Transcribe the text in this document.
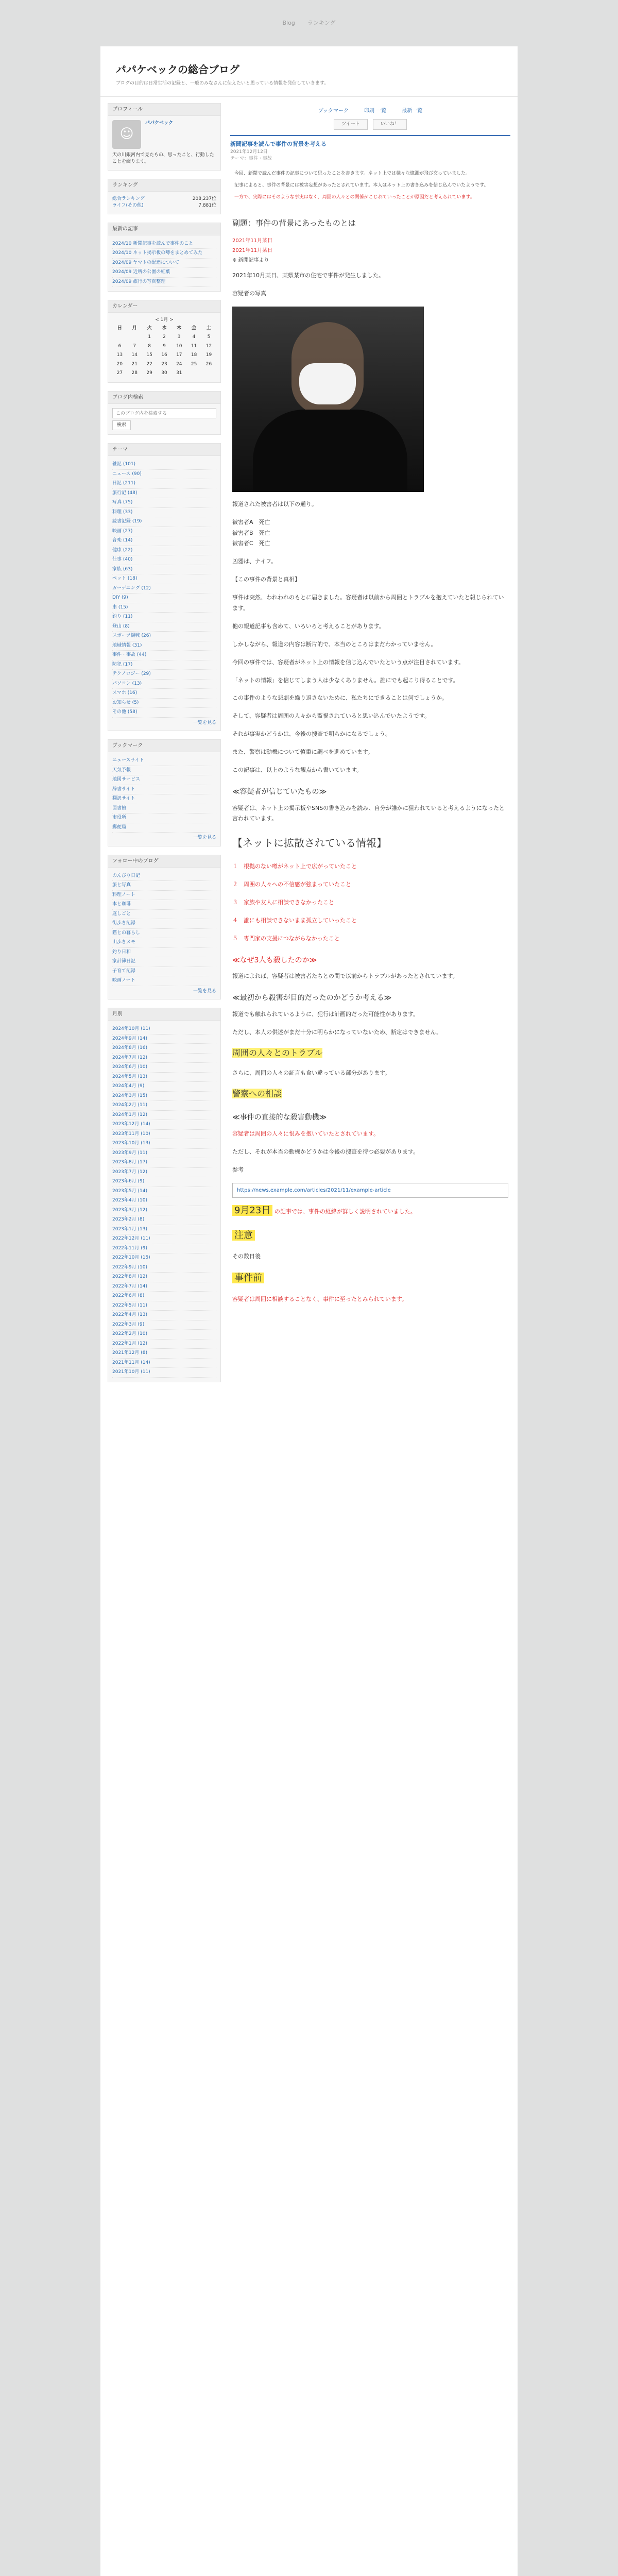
Blog ランキング
パパケベックの総合ブログ

ブログの目的は日常生活の記録と、一般のみなさんに伝えたいと思っている情報を発信していきます。

プロフィール
☺
パパケベック

天の川銀河内で見たもの、思ったこと、行動したことを綴ります。

ランキング
総合ランキング	208,237位
ライフ(その他)	7,881位
最新の記事
2024/10 新聞記事を読んで事件のこと
2024/10 ネット掲示板の噂をまとめてみた
2024/09 ヤマトの配達について
2024/09 近所の公園の紅葉
2024/09 旅行の写真整理
カレンダー
< 1月 >
日	月	火	水	木	金	土
		1	2	3	4	5
6	7	8	9	10	11	12
13	14	15	16	17	18	19
20	21	22	23	24	25	26
27	28	29	30	31		
ブログ内検索
このブログ内を検索する 検索
テーマ
雑記 (101)
ニュース (90)
日記 (211)
旅行記 (48)
写真 (75)
料理 (33)
読書記録 (19)
映画 (27)
音楽 (14)
健康 (22)
仕事 (40)
家族 (63)
ペット (18)
ガーデニング (12)
DIY (9)
車 (15)
釣り (11)
登山 (8)
スポーツ観戦 (26)
地域情報 (31)
事件・事故 (44)
防犯 (17)
テクノロジー (29)
パソコン (13)
スマホ (16)
お知らせ (5)
その他 (58)
一覧を見る
ブックマーク
ニュースサイト
天気予報
地図サービス
辞書サイト
翻訳サイト
図書館
市役所
郵便局
一覧を見る
フォロー中のブログ
のんびり日記
旅と写真
料理ノート
本と珈琲
庭しごと
街歩き記録
猫との暮らし
山歩きメモ
釣り日和
家計簿日記
子育て記録
映画ノート
一覧を見る
月別
2024年10月 (11)
2024年9月 (14)
2024年8月 (16)
2024年7月 (12)
2024年6月 (10)
2024年5月 (13)
2024年4月 (9)
2024年3月 (15)
2024年2月 (11)
2024年1月 (12)
2023年12月 (14)
2023年11月 (10)
2023年10月 (13)
2023年9月 (11)
2023年8月 (17)
2023年7月 (12)
2023年6月 (9)
2023年5月 (14)
2023年4月 (10)
2023年3月 (12)
2023年2月 (8)
2023年1月 (13)
2022年12月 (11)
2022年11月 (9)
2022年10月 (15)
2022年9月 (10)
2022年8月 (12)
2022年7月 (14)
2022年6月 (8)
2022年5月 (11)
2022年4月 (13)
2022年3月 (9)
2022年2月 (10)
2022年1月 (12)
2021年12月 (8)
2021年11月 (14)
2021年10月 (11)
ブックマーク	印刷 一覧	最新一覧
ツイート	いいね！
新聞記事を読んで事件の背景を考える
2021年12月12日
テーマ：事件・事故

今回、新聞で読んだ事件の記事について思ったことを書きます。ネット上では様々な憶測が飛び交っていました。

記事によると、事件の背景には被害妄想があったとされています。本人はネット上の書き込みを信じ込んでいたようです。

一方で、実際にはそのような事実はなく、周囲の人々との関係がこじれていったことが原因だと考えられています。

副題：事件の背景にあったものとは
2021年11月某日
2021年11月某日
※ 新聞記事より

2021年10月某日、某県某市の住宅で事件が発生しました。

容疑者の写真

報道された被害者は以下の通り。

被害者A　死亡
被害者B　死亡
被害者C　死亡

凶器は、ナイフ。

【この事件の背景と真相】

事件は突然、われわれのもとに届きました。容疑者は以前から周囲とトラブルを抱えていたと報じられています。

他の報道記事も含めて、いろいろと考えることがあります。

しかしながら、報道の内容は断片的で、本当のところはまだわかっていません。

今回の事件では、容疑者がネット上の情報を信じ込んでいたという点が注目されています。

「ネットの情報」を信じてしまう人は少なくありません。誰にでも起こり得ることです。

この事件のような悲劇を繰り返さないために、私たちにできることは何でしょうか。

そして、容疑者は周囲の人々から監視されていると思い込んでいたようです。

それが事実かどうかは、今後の捜査で明らかになるでしょう。

また、警察は動機について慎重に調べを進めています。

この記事は、以上のような観点から書いています。

≪容疑者が信じていたもの≫

容疑者は、ネット上の掲示板やSNSの書き込みを読み、自分が誰かに狙われていると考えるようになったと言われています。

【ネットに拡散されている情報】

１　根拠のない噂がネット上で広がっていたこと

２　周囲の人々への不信感が強まっていたこと

３　家族や友人に相談できなかったこと

４　誰にも相談できないまま孤立していったこと

５　専門家の支援につながらなかったこと

≪なぜ3人も殺したのか≫

報道によれば、容疑者は被害者たちとの間で以前からトラブルがあったとされています。

≪最初から殺害が目的だったのかどうか考える≫

報道でも触れられているように、犯行は計画的だった可能性があります。

ただし、本人の供述がまだ十分に明らかになっていないため、断定はできません。

周囲の人々とのトラブル

さらに、周囲の人々の証言も食い違っている部分があります。

警察への相談

≪事件の直接的な殺害動機≫

容疑者は周囲の人々に恨みを抱いていたとされています。

ただし、それが本当の動機かどうかは今後の捜査を待つ必要があります。

参考

https://news.example.com/articles/2021/11/example-article

9月23日 の記事では、事件の経緯が詳しく説明されていました。

注意

その数日後

事件前

容疑者は周囲に相談することなく、事件に至ったとみられています。
